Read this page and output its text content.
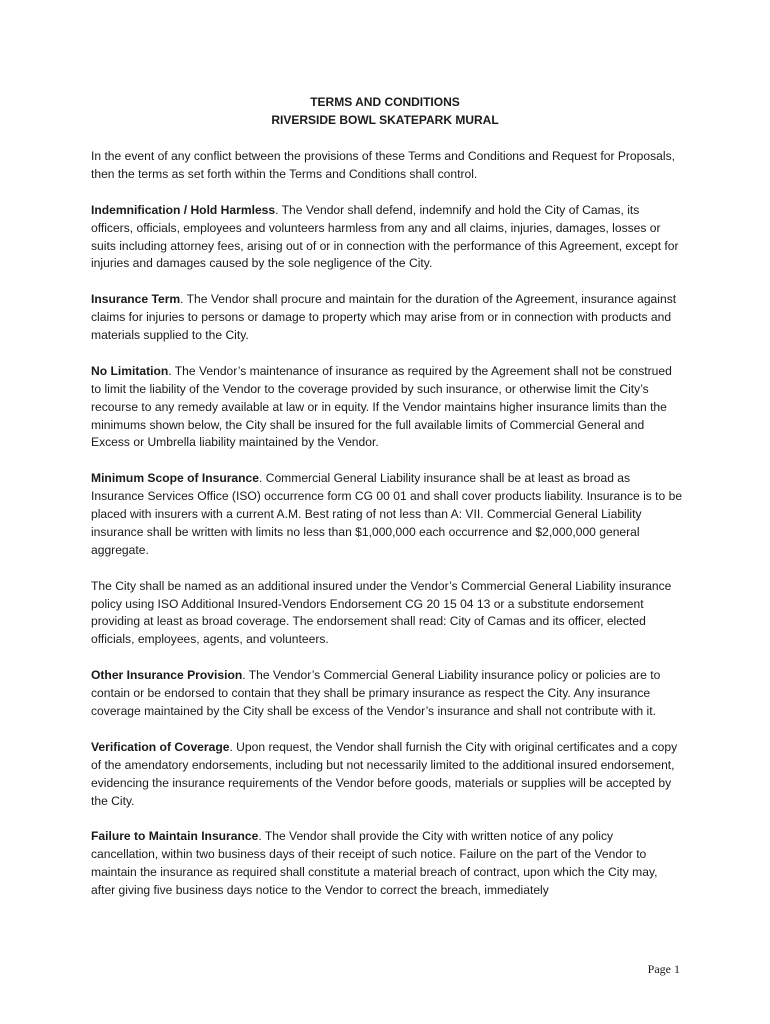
TERMS AND CONDITIONS
RIVERSIDE BOWL SKATEPARK MURAL

In the event of any conflict between the provisions of these Terms and Conditions and Request for Proposals, then the terms as set forth within the Terms and Conditions shall control.

Indemnification / Hold Harmless. The Vendor shall defend, indemnify and hold the City of Camas, its officers, officials, employees and volunteers harmless from any and all claims, injuries, damages, losses or suits including attorney fees, arising out of or in connection with the performance of this Agreement, except for injuries and damages caused by the sole negligence of the City.

Insurance Term. The Vendor shall procure and maintain for the duration of the Agreement, insurance against claims for injuries to persons or damage to property which may arise from or in connection with products and materials supplied to the City.

No Limitation. The Vendor’s maintenance of insurance as required by the Agreement shall not be construed to limit the liability of the Vendor to the coverage provided by such insurance, or otherwise limit the City’s recourse to any remedy available at law or in equity. If the Vendor maintains higher insurance limits than the minimums shown below, the City shall be insured for the full available limits of Commercial General and Excess or Umbrella liability maintained by the Vendor.

Minimum Scope of Insurance. Commercial General Liability insurance shall be at least as broad as Insurance Services Office (ISO) occurrence form CG 00 01 and shall cover products liability. Insurance is to be placed with insurers with a current A.M. Best rating of not less than A: VII. Commercial General Liability insurance shall be written with limits no less than $1,000,000 each occurrence and $2,000,000 general aggregate.

The City shall be named as an additional insured under the Vendor’s Commercial General Liability insurance policy using ISO Additional Insured-Vendors Endorsement CG 20 15 04 13 or a substitute endorsement providing at least as broad coverage. The endorsement shall read: City of Camas and its officer, elected officials, employees, agents, and volunteers.

Other Insurance Provision. The Vendor’s Commercial General Liability insurance policy or policies are to contain or be endorsed to contain that they shall be primary insurance as respect the City. Any insurance coverage maintained by the City shall be excess of the Vendor’s insurance and shall not contribute with it.

Verification of Coverage. Upon request, the Vendor shall furnish the City with original certificates and a copy of the amendatory endorsements, including but not necessarily limited to the additional insured endorsement, evidencing the insurance requirements of the Vendor before goods, materials or supplies will be accepted by the City.

Failure to Maintain Insurance. The Vendor shall provide the City with written notice of any policy cancellation, within two business days of their receipt of such notice. Failure on the part of the Vendor to maintain the insurance as required shall constitute a material breach of contract, upon which the City may, after giving five business days notice to the Vendor to correct the breach, immediately

Page 1
